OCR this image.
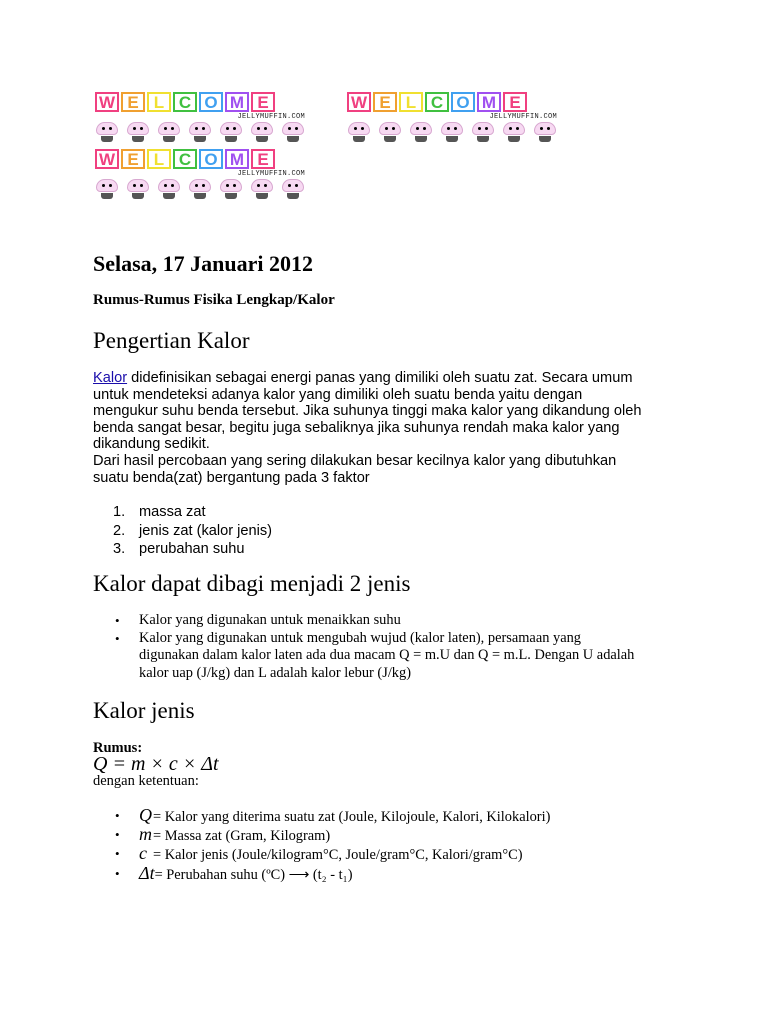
W E L C O M E
JELLYMUFFIN.COM
W E L C O M E
JELLYMUFFIN.COM
W E L C O M E
JELLYMUFFIN.COM
Selasa, 17 Januari 2012
Rumus-Rumus Fisika Lengkap/Kalor
Pengertian Kalor

Kalor didefinisikan sebagai energi panas yang dimiliki oleh suatu zat. Secara umum
untuk mendeteksi adanya kalor yang dimiliki oleh suatu benda yaitu dengan
mengukur suhu benda tersebut. Jika suhunya tinggi maka kalor yang dikandung oleh
benda sangat besar, begitu juga sebaliknya jika suhunya rendah maka kalor yang
dikandung sedikit.
Dari hasil percobaan yang sering dilakukan besar kecilnya kalor yang dibutuhkan
suatu benda(zat) bergantung pada 3 faktor

1. massa zat
2. jenis zat (kalor jenis)
3. perubahan suhu
Kalor dapat dibagi menjadi 2 jenis
• Kalor yang digunakan untuk menaikkan suhu
• Kalor yang digunakan untuk mengubah wujud (kalor laten), persamaan yang
digunakan dalam kalor laten ada dua macam Q = m.U dan Q = m.L. Dengan U adalah
kalor uap (J/kg) dan L adalah kalor lebur (J/kg)
Kalor jenis

Rumus:

Q = m × c × Δt

dengan ketentuan:

• Q= Kalor yang diterima suatu zat (Joule, Kilojoule, Kalori, Kilokalori)
• m= Massa zat (Gram, Kilogram)
• c = Kalor jenis (Joule/kilogram°C, Joule/gram°C, Kalori/gram°C)
• Δt= Perubahan suhu (ºC) ⟶ (t₂ - t₁)
